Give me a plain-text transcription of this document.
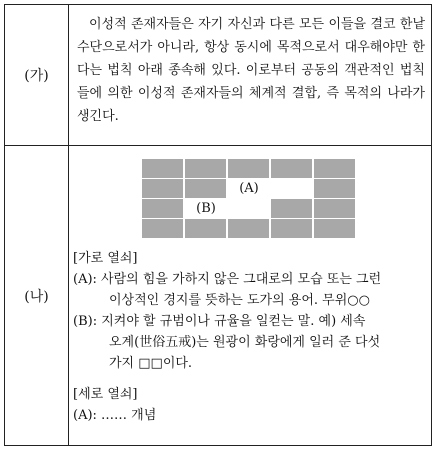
(가)

이성적 존재자들은 자기 자신과 다른 모든 이들을 결코 한낱 수단으로서가 아니라, 항상 동시에 목적으로서 대우해야만 한다는 법칙 아래 종속해 있다. 이로부터 공동의 객관적인 법칙들에 의한 이성적 존재자들의 체계적 결합, 즉 목적의 나라가 생긴다.

(나)
(A)
(B)
[가로 열쇠]
(A): 사람의 힘을 가하지 않은 그대로의 모습 또는 그런
이상적인 경지를 뜻하는 도가의 용어. 무위○○
(B): 지켜야 할 규범이나 규율을 일컫는 말. 예) 세속
오계(世俗五戒)는 원광이 화랑에게 일러 준 다섯
가지 □□이다.
[세로 열쇠]
(A): …… 개념
